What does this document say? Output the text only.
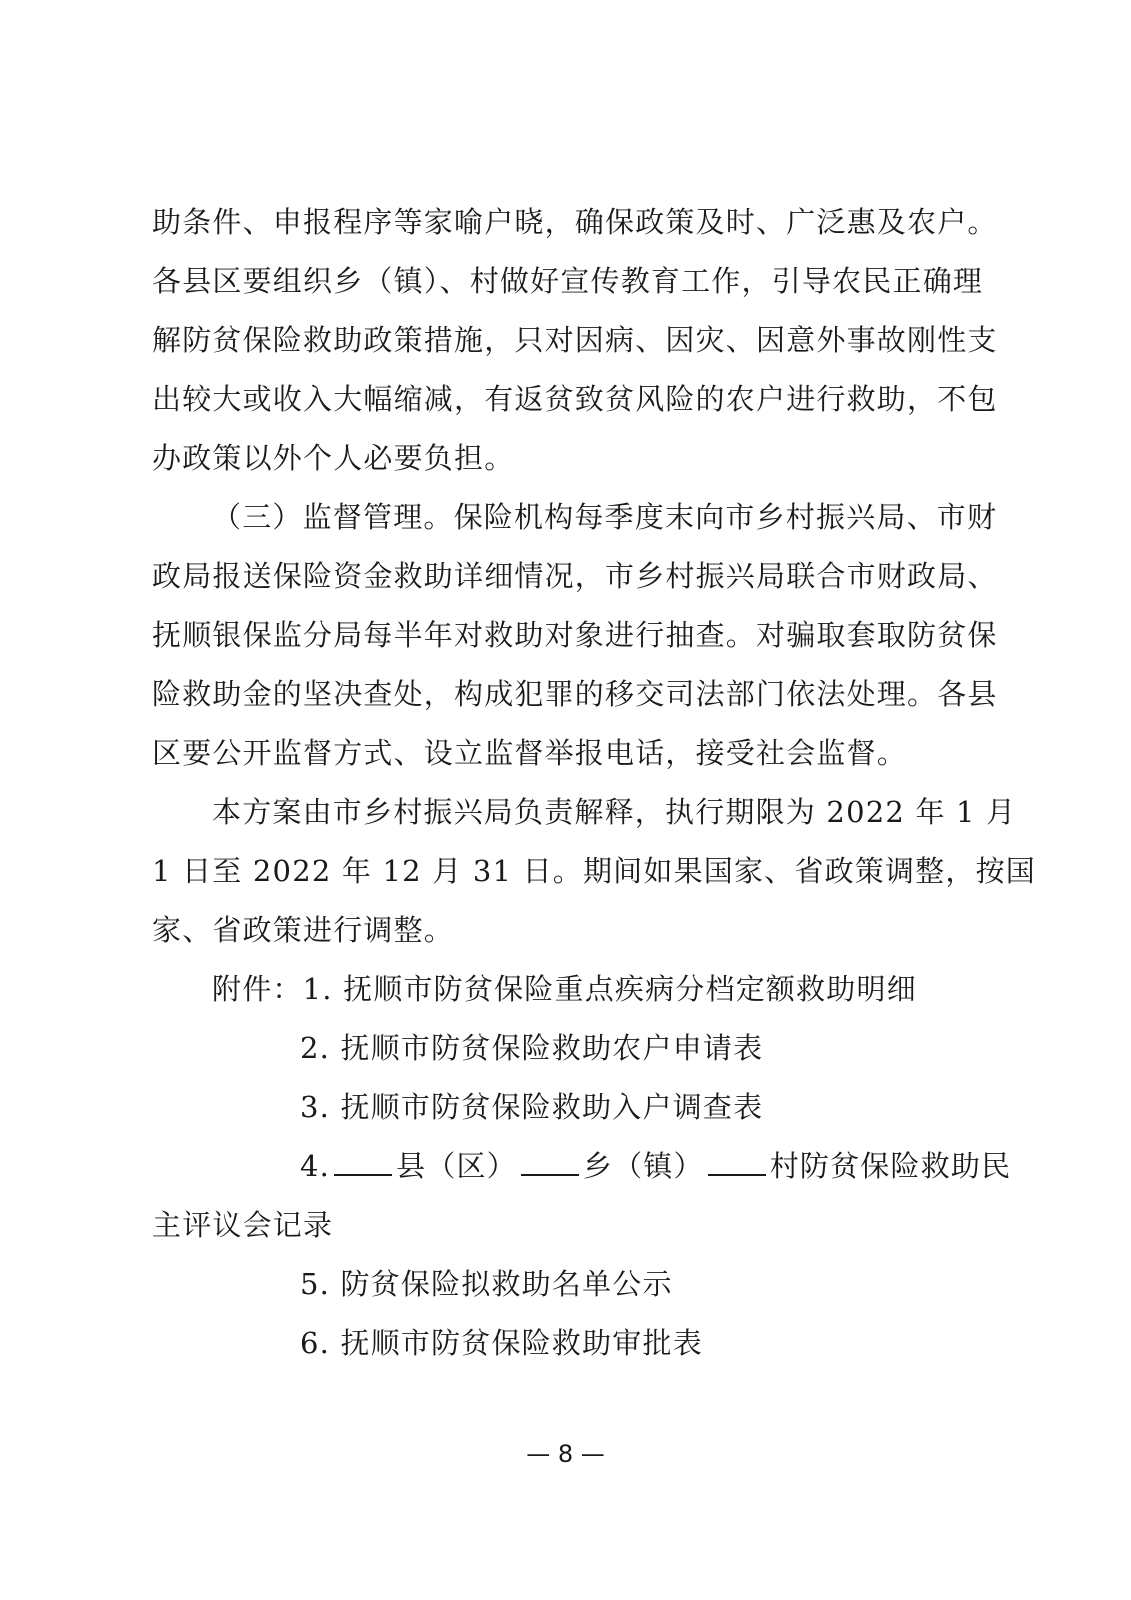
助条件、申报程序等家喻户晓，确保政策及时、广泛惠及农户。
各县区要组织乡（镇）、村做好宣传教育工作，引导农民正确理
解防贫保险救助政策措施，只对因病、因灾、因意外事故刚性支
出较大或收入大幅缩减，有返贫致贫风险的农户进行救助，不包
办政策以外个人必要负担。
（三）监督管理。保险机构每季度末向市乡村振兴局、市财
政局报送保险资金救助详细情况，市乡村振兴局联合市财政局、
抚顺银保监分局每半年对救助对象进行抽查。对骗取套取防贫保
险救助金的坚决查处，构成犯罪的移交司法部门依法处理。各县
区要公开监督方式、设立监督举报电话，接受社会监督。
本方案由市乡村振兴局负责解释，执行期限为 2022 年 1 月
1 日至 2022 年 12 月 31 日。期间如果国家、省政策调整，按国
家、省政策进行调整。
附件：1. 抚顺市防贫保险重点疾病分档定额救助明细
2. 抚顺市防贫保险救助农户申请表
3. 抚顺市防贫保险救助入户调查表
4. 县（区） 乡（镇） 村防贫保险救助民
主评议会记录
5. 防贫保险拟救助名单公示
6. 抚顺市防贫保险救助审批表
— 8 —
